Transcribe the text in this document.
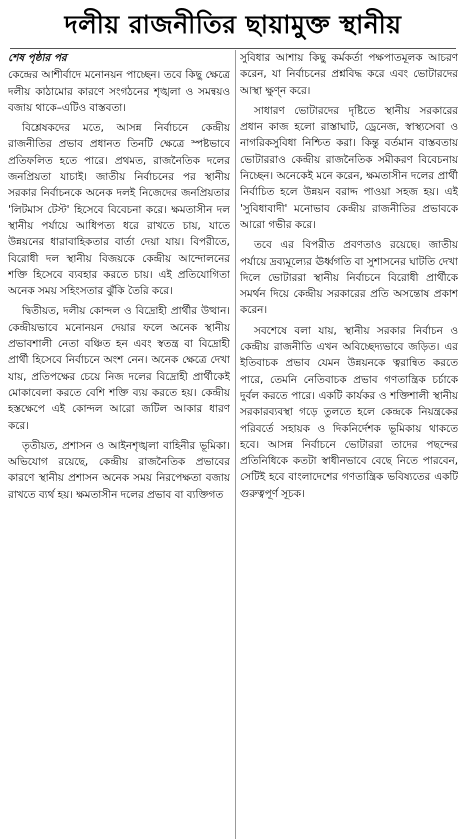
দলীয় রাজনীতির ছায়ামুক্ত স্থানীয়
শেষ পৃষ্ঠার পর

কেন্দ্রের আশীর্বাদে মনোনয়ন পাচ্ছেন। তবে কিছু ক্ষেত্রে দলীয় কাঠামোর কারণে সংগঠনের শৃঙ্খলা ও সমন্বয়ও বজায় থাকে–এটিও বাস্তবতা।

বিশ্লেষকদের মতে, আসন্ন নির্বাচনে কেন্দ্রীয় রাজনীতির প্রভাব প্রধানত তিনটি ক্ষেত্রে স্পষ্টভাবে প্রতিফলিত হতে পারে। প্রথমত, রাজনৈতিক দলের জনপ্রিয়তা যাচাই। জাতীয় নির্বাচনের পর স্থানীয় সরকার নির্বাচনকে অনেক দলই নিজেদের জনপ্রিয়তার 'লিটমাস টেস্ট' হিসেবে বিবেচনা করে। ক্ষমতাসীন দল স্থানীয় পর্যায়ে আধিপত্য ধরে রাখতে চায়, যাতে উন্নয়নের ধারাবাহিকতার বার্তা দেয়া যায়। বিপরীতে, বিরোধী দল স্থানীয় বিজয়কে কেন্দ্রীয় আন্দোলনের শক্তি হিসেবে ব্যবহার করতে চায়। এই প্রতিযোগিতা অনেক সময় সহিংসতার ঝুঁকি তৈরি করে।

দ্বিতীয়ত, দলীয় কোন্দল ও বিদ্রোহী প্রার্থীর উত্থান। কেন্দ্রীয়ভাবে মনোনয়ন দেয়ার ফলে অনেক স্থানীয় প্রভাবশালী নেতা বঞ্চিত হন এবং স্বতন্ত্র বা বিদ্রোহী প্রার্থী হিসেবে নির্বাচনে অংশ নেন। অনেক ক্ষেত্রে দেখা যায়, প্রতিপক্ষের চেয়ে নিজ দলের বিদ্রোহী প্রার্থীকেই মোকাবেলা করতে বেশি শক্তি ব্যয় করতে হয়। কেন্দ্রীয় হস্তক্ষেপে এই কোন্দল আরো জটিল আকার ধারণ করে।

তৃতীয়ত, প্রশাসন ও আইনশৃঙ্খলা বাহিনীর ভূমিকা। অভিযোগ রয়েছে, কেন্দ্রীয় রাজনৈতিক প্রভাবের কারণে স্থানীয় প্রশাসন অনেক সময় নিরপেক্ষতা বজায় রাখতে ব্যর্থ হয়। ক্ষমতাসীন দলের প্রভাব বা ব্যক্তিগত

সুবিধার আশায় কিছু কর্মকর্তা পক্ষপাতমূলক আচরণ করেন, যা নির্বাচনের প্রশ্নবিদ্ধ করে এবং ভোটারদের আস্থা ক্ষুণ্ন করে।

সাধারণ ভোটারদের দৃষ্টিতে স্থানীয় সরকারের প্রধান কাজ হলো রাস্তাঘাট, ড্রেনেজ, স্বাস্থ্যসেবা ও নাগরিকসুবিধা নিশ্চিত করা। কিন্তু বর্তমান বাস্তবতায় ভোটাররাও কেন্দ্রীয় রাজনৈতিক সমীকরণ বিবেচনায় নিচ্ছেন। অনেকেই মনে করেন, ক্ষমতাসীন দলের প্রার্থী নির্বাচিত হলে উন্নয়ন বরাদ্দ পাওয়া সহজ হয়। এই 'সুবিধাবাদী' মনোভাব কেন্দ্রীয় রাজনীতির প্রভাবকে আরো গভীর করে।

তবে এর বিপরীত প্রবণতাও রয়েছে। জাতীয় পর্যায়ে দ্রব্যমূল্যের ঊর্ধ্বগতি বা সুশাসনের ঘাটতি দেখা দিলে ভোটাররা স্থানীয় নির্বাচনে বিরোধী প্রার্থীকে সমর্থন দিয়ে কেন্দ্রীয় সরকারের প্রতি অসন্তোষ প্রকাশ করেন।

সবশেষে বলা যায়, স্থানীয় সরকার নির্বাচন ও কেন্দ্রীয় রাজনীতি এখন অবিচ্ছেদ্যভাবে জড়িত। এর ইতিবাচক প্রভাব যেমন উন্নয়নকে ত্বরান্বিত করতে পারে, তেমনি নেতিবাচক প্রভাব গণতান্ত্রিক চর্চাকে দুর্বল করতে পারে। একটি কার্যকর ও শক্তিশালী স্থানীয় সরকারব্যবস্থা গড়ে তুলতে হলে কেন্দ্রকে নিয়ন্ত্রকের পরিবর্তে সহায়ক ও দিকনির্দেশক ভূমিকায় থাকতে হবে। আসন্ন নির্বাচনে ভোটাররা তাদের পছন্দের প্রতিনিধিকে কতটা স্বাধীনভাবে বেছে নিতে পারবেন, সেটিই হবে বাংলাদেশের গণতান্ত্রিক ভবিষ্যতের একটি গুরুত্বপূর্ণ সূচক।
